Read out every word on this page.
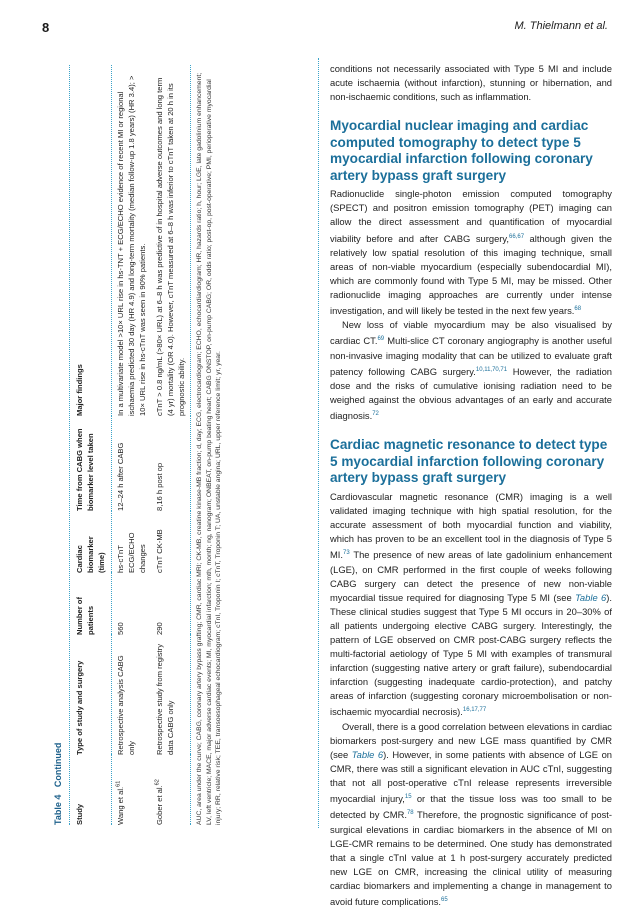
8	M. Thielmann et al.
Table 4   Continued
Study	Type of study and surgery	Number of patients	Cardiac biomarker (time)	Time from CABG when biomarker level taken	Major findings
Wang et al.$^{61}$	Retrospective analysis CABG only	560	hs-cTnT ECG/ECHO changes	12–24 h after CABG	In a multivariate model >10× URL rise in hs-TNT + ECG/ECHO evidence of recent MI or regional ischaemia predicted 30 day (HR 4.9) and long-term mortality (median follow-up 1.8 years) (HR 3.4); > 10× URL rise in hs-cTnT was seen in 90% patients.
Gober et al.$^{62}$	Retrospective study from registry data CABG only	290	cTnT CK-MB	8,16 h post op	cTnT > 0.8 ng/mL (>80× URL) at 6–8 h was predictive of in hospital adverse outcomes and long term (4 yr) mortality (OR 4.0). However, cTnT measured at 6–8 h was inferior to cTnT taken at 20 h in its prognostic ability. AUC, area under the curve; CABG, coronary artery bypass grafting; CMR, cardiac MRI; CK-MB, creatine kinase-MB fraction; d, day; ECG, electrocardiogram; ECHO, echocardiardiogram; HR, hazards ratio; h, hour; LGE, late gadolinium enhancement; LV, left ventricle; MACE, major adverse cardiac events; MI, myocardial infarction; mth, month; ng, nanogram; ONBEAT, on-pump beating heart; CABG ONSTOP, on-pump CABG; OR, odds ratio; post-op, post-operative; PMI, perioperative myocardial injury; RR, relative risk; TEE, transoesophageal echocardiogram; cTnI, Troponin I; cTnT, Troponin T; UA, unstable angina; URL, upper reference limit; yr, year.

conditions not necessarily associated with Type 5 MI and include acute ischaemia (without infarction), stunning or hibernation, and non-ischaemic conditions, such as inflammation.

Myocardial nuclear imaging and cardiac computed tomography to detect type 5 myocardial infarction following coronary artery bypass graft surgery

Radionuclide single-photon emission computed tomography (SPECT) and positron emission tomography (PET) imaging can allow the direct assessment and quantification of myocardial viability before and after CABG surgery,$^{66,67}$ although given the relatively low spatial resolution of this imaging technique, small areas of non-viable myocardium (especially subendocardial MI), which are commonly found with Type 5 MI, may be missed. Other radionuclide imaging approaches are currently under intense investigation, and will likely be tested in the next few years.$^{68}$

New loss of viable myocardium may be also visualised by cardiac CT.$^{69}$ Multi-slice CT coronary angiography is another useful non-invasive imaging modality that can be utilized to evaluate graft patency following CABG surgery.$^{10,11,70,71}$ However, the radiation dose and the risks of cumulative ionising radiation need to be weighed against the obvious advantages of an early and accurate diagnosis.$^{72}$

Cardiac magnetic resonance to detect type 5 myocardial infarction following coronary artery bypass graft surgery

Cardiovascular magnetic resonance (CMR) imaging is a well validated imaging technique with high spatial resolution, for the accurate assessment of both myocardial function and viability, which has proven to be an excellent tool in the diagnosis of Type 5 MI.$^{73}$ The presence of new areas of late gadolinium enhancement (LGE), on CMR performed in the first couple of weeks following CABG surgery can detect the presence of new non-viable myocardial tissue required for diagnosing Type 5 MI (see Table 6). These clinical studies suggest that Type 5 MI occurs in 20–30% of all patients undergoing elective CABG surgery. Interestingly, the pattern of LGE observed on CMR post-CABG surgery reflects the multi-factorial aetiology of Type 5 MI with examples of transmural infarction (suggesting native artery or graft failure), subendocardial infarction (suggesting inadequate cardio-protection), and patchy areas of infarction (suggesting coronary microembolisation or non-ischaemic myocardial necrosis).$^{16,17,77}$

Overall, there is a good correlation between elevations in cardiac biomarkers post-surgery and new LGE mass quantified by CMR (see Table 6). However, in some patients with absence of LGE on CMR, there was still a significant elevation in AUC cTnI, suggesting that not all post-operative cTnI release represents irreversible myocardial injury,$^{15}$ or that the tissue loss was too small to be detected by CMR.$^{78}$ Therefore, the prognostic significance of post-surgical elevations in cardiac biomarkers in the absence of MI on LGE-CMR remains to be determined. One study has demonstrated that a single cTnI value at 1 h post-surgery accurately predicted new LGE on CMR, increasing the clinical utility of measuring cardiac biomarkers and implementing a change in management to avoid future complications.$^{65}$
